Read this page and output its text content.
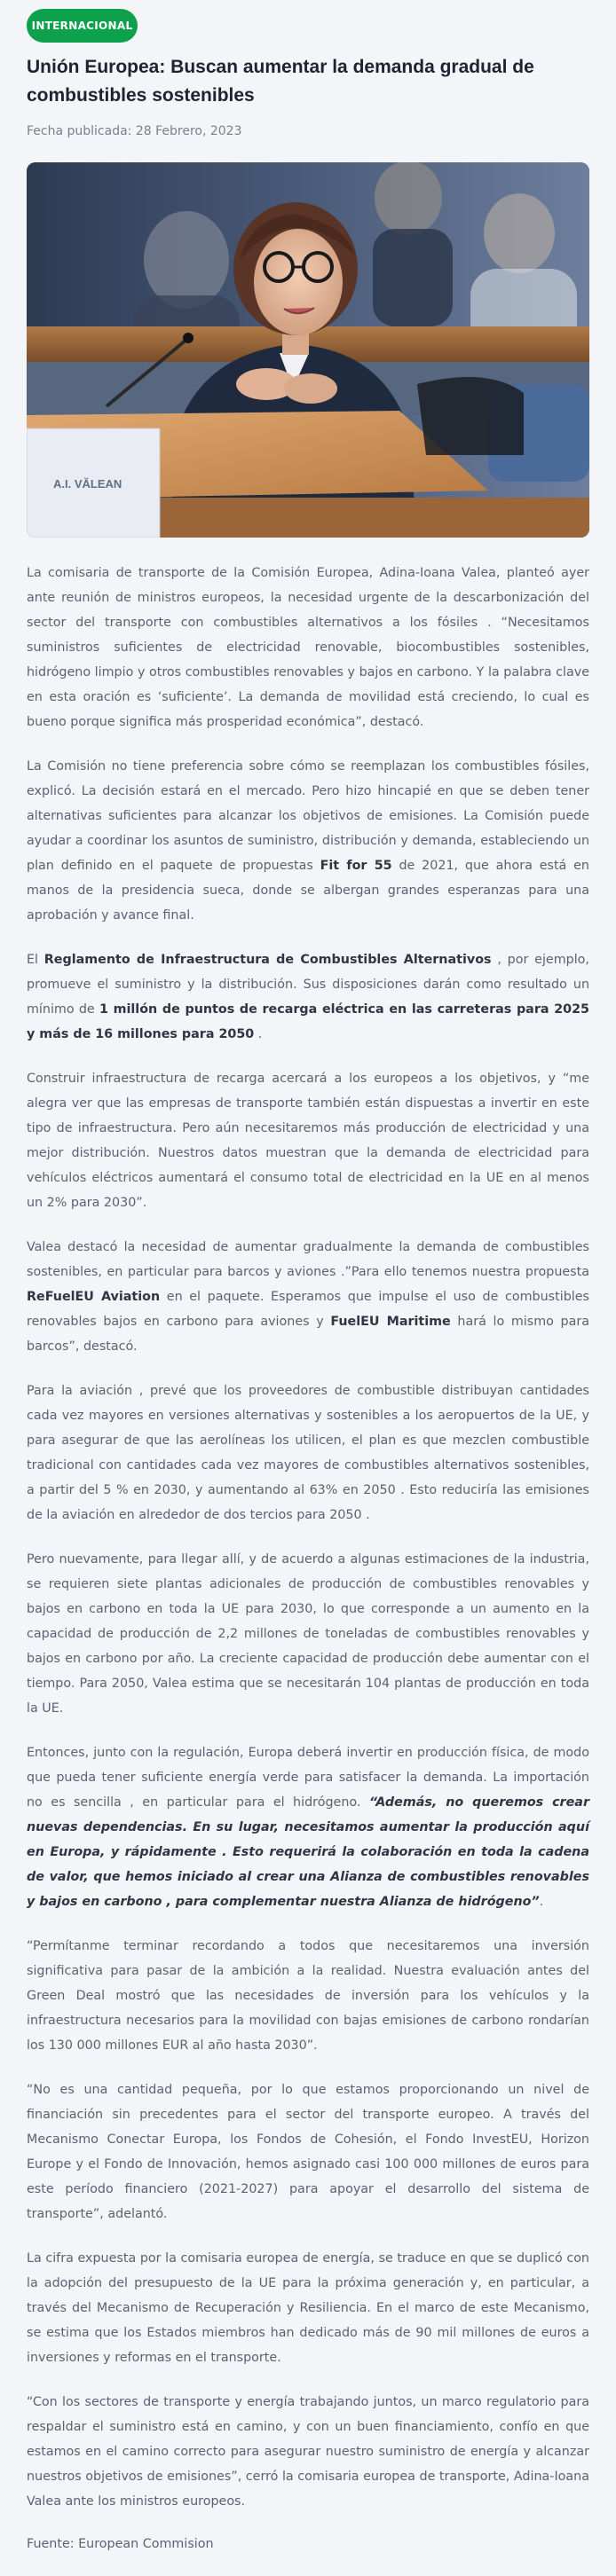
INTERNACIONAL
Unión Europea: Buscan aumentar la demanda gradual de combustibles sostenibles
Fecha publicada: 28 Febrero, 2023
A.I. VĂLEAN

La comisaria de transporte de la Comisión Europea, Adina-Ioana Valea, planteó ayer ante reunión de ministros europeos, la necesidad urgente de la descarbonización del sector del transporte con combustibles alternativos a los fósiles . “Necesitamos suministros suficientes de electricidad renovable, biocombustibles sostenibles, hidrógeno limpio y otros combustibles renovables y bajos en carbono. Y la palabra clave en esta oración es ‘suficiente’. La demanda de movilidad está creciendo, lo cual es bueno porque significa más prosperidad económica”, destacó.

La Comisión no tiene preferencia sobre cómo se reemplazan los combustibles fósiles, explicó. La decisión estará en el mercado. Pero hizo hincapié en que se deben tener alternativas suficientes para alcanzar los objetivos de emisiones. La Comisión puede ayudar a coordinar los asuntos de suministro, distribución y demanda, estableciendo un plan definido en el paquete de propuestas Fit for 55 de 2021, que ahora está en manos de la presidencia sueca, donde se albergan grandes esperanzas para una aprobación y avance final.

El Reglamento de Infraestructura de Combustibles Alternativos , por ejemplo, promueve el suministro y la distribución. Sus disposiciones darán como resultado un mínimo de 1 millón de puntos de recarga eléctrica en las carreteras para 2025 y más de 16 millones para 2050 .

Construir infraestructura de recarga acercará a los europeos a los objetivos, y “me alegra ver que las empresas de transporte también están dispuestas a invertir en este tipo de infraestructura. Pero aún necesitaremos más producción de electricidad y una mejor distribución. Nuestros datos muestran que la demanda de electricidad para vehículos eléctricos aumentará el consumo total de electricidad en la UE en al menos un 2% para 2030”.

Valea destacó la necesidad de aumentar gradualmente la demanda de combustibles sostenibles, en particular para barcos y aviones .”Para ello tenemos nuestra propuesta ReFuelEU Aviation en el paquete. Esperamos que impulse el uso de combustibles renovables bajos en carbono para aviones y FuelEU Maritime hará lo mismo para barcos”, destacó.

Para la aviación , prevé que los proveedores de combustible distribuyan cantidades cada vez mayores en versiones alternativas y sostenibles a los aeropuertos de la UE, y para asegurar de que las aerolíneas los utilicen, el plan es que mezclen combustible tradicional con cantidades cada vez mayores de combustibles alternativos sostenibles, a partir del 5 % en 2030, y aumentando al 63% en 2050 . Esto reduciría las emisiones de la aviación en alrededor de dos tercios para 2050 .

Pero nuevamente, para llegar allí, y de acuerdo a algunas estimaciones de la industria, se requieren siete plantas adicionales de producción de combustibles renovables y bajos en carbono en toda la UE para 2030, lo que corresponde a un aumento en la capacidad de producción de 2,2 millones de toneladas de combustibles renovables y bajos en carbono por año. La creciente capacidad de producción debe aumentar con el tiempo. Para 2050, Valea estima que se necesitarán 104 plantas de producción en toda la UE.

Entonces, junto con la regulación, Europa deberá invertir en producción física, de modo que pueda tener suficiente energía verde para satisfacer la demanda. La importación no es sencilla , en particular para el hidrógeno. “Además, no queremos crear nuevas dependencias. En su lugar, necesitamos aumentar la producción aquí en Europa, y rápidamente . Esto requerirá la colaboración en toda la cadena de valor, que hemos iniciado al crear una Alianza de combustibles renovables y bajos en carbono , para complementar nuestra Alianza de hidrógeno”.

“Permítanme terminar recordando a todos que necesitaremos una inversión significativa para pasar de la ambición a la realidad. Nuestra evaluación antes del Green Deal mostró que las necesidades de inversión para los vehículos y la infraestructura necesarios para la movilidad con bajas emisiones de carbono rondarían los 130 000 millones EUR al año hasta 2030”.

“No es una cantidad pequeña, por lo que estamos proporcionando un nivel de financiación sin precedentes para el sector del transporte europeo. A través del Mecanismo Conectar Europa, los Fondos de Cohesión, el Fondo InvestEU, Horizon Europe y el Fondo de Innovación, hemos asignado casi 100 000 millones de euros para este período financiero (2021-2027) para apoyar el desarrollo del sistema de transporte”, adelantó.

La cifra expuesta por la comisaria europea de energía, se traduce en que se duplicó con la adopción del presupuesto de la UE para la próxima generación y, en particular, a través del Mecanismo de Recuperación y Resiliencia. En el marco de este Mecanismo, se estima que los Estados miembros han dedicado más de 90 mil millones de euros a inversiones y reformas en el transporte.

“Con los sectores de transporte y energía trabajando juntos, un marco regulatorio para respaldar el suministro está en camino, y con un buen financiamiento, confío en que estamos en el camino correcto para asegurar nuestro suministro de energía y alcanzar nuestros objetivos de emisiones”, cerró la comisaria europea de transporte, Adina-Ioana Valea ante los ministros europeos.

Fuente: European Commision
